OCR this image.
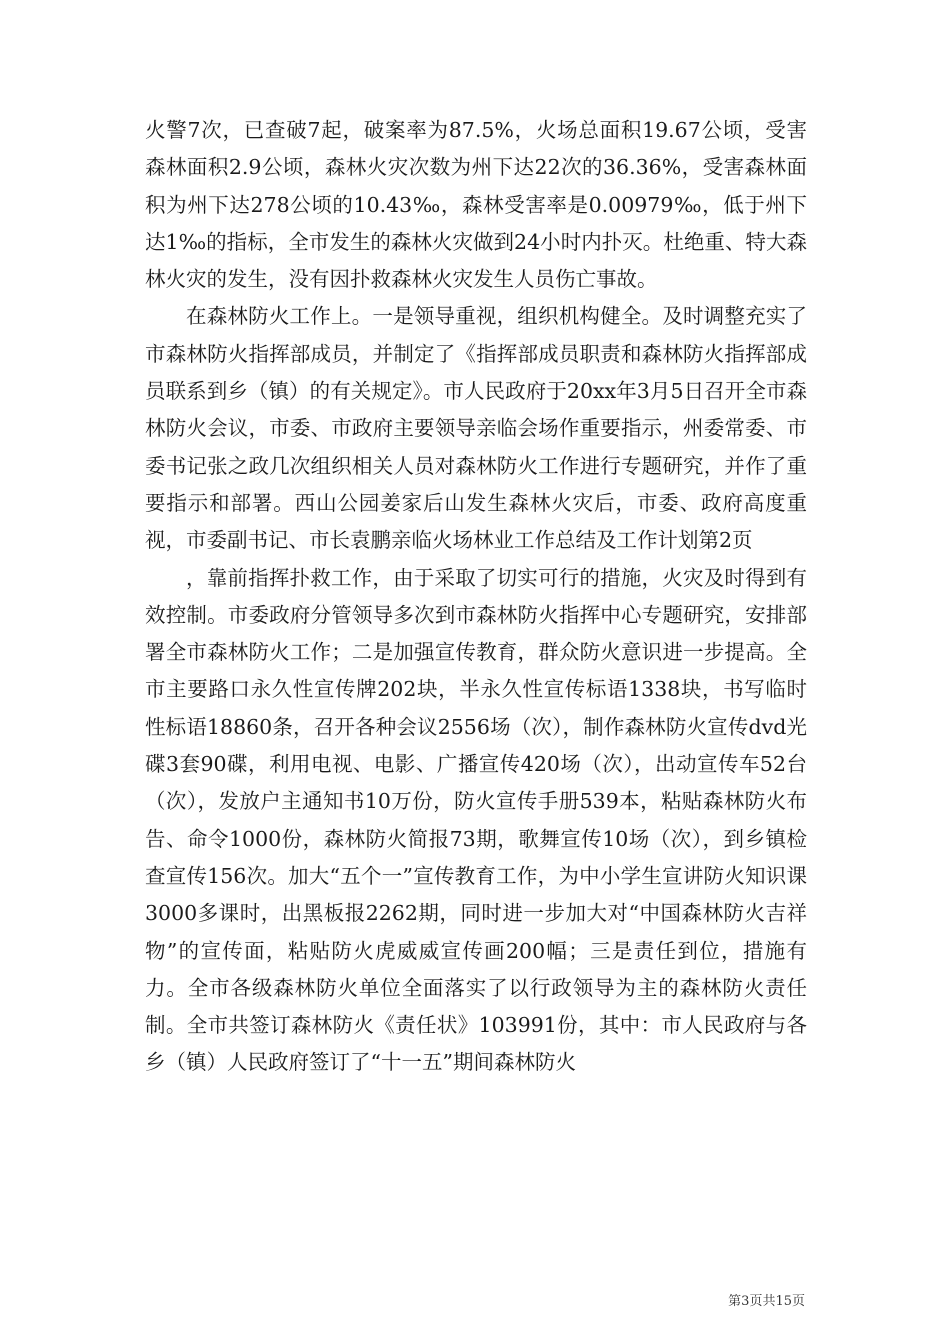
火警7次，已查破7起，破案率为87.5%，火场总面积19.67公顷，受害森林面积2.9公顷，森林火灾次数为州下达22次的36.36%，受害森林面积为州下达278公顷的10.43‰，森林受害率是0.00979‰，低于州下达1‰的指标，全市发生的森林火灾做到24小时内扑灭。杜绝重、特大森林火灾的发生，没有因扑救森林火灾发生人员伤亡事故。

在森林防火工作上。一是领导重视，组织机构健全。及时调整充实了市森林防火指挥部成员，并制定了《指挥部成员职责和森林防火指挥部成员联系到乡（镇）的有关规定》。市人民政府于20xx年3月5日召开全市森林防火会议，市委、市政府主要领导亲临会场作重要指示，州委常委、市委书记张之政几次组织相关人员对森林防火工作进行专题研究，并作了重要指示和部署。西山公园姜家后山发生森林火灾后，市委、政府高度重视，市委副书记、市长袁鹏亲临火场林业工作总结及工作计划第2页

，靠前指挥扑救工作，由于采取了切实可行的措施，火灾及时得到有效控制。市委政府分管领导多次到市森林防火指挥中心专题研究，安排部署全市森林防火工作；二是加强宣传教育，群众防火意识进一步提高。全市主要路口永久性宣传牌202块，半永久性宣传标语1338块，书写临时性标语18860条，召开各种会议2556场（次），制作森林防火宣传dvd光碟3套90碟，利用电视、电影、广播宣传420场（次），出动宣传车52台（次），发放户主通知书10万份，防火宣传手册539本，粘贴森林防火布告、命令1000份，森林防火简报73期，歌舞宣传10场（次），到乡镇检查宣传156次。加大“五个一”宣传教育工作，为中小学生宣讲防火知识课3000多课时，出黑板报2262期，同时进一步加大对“中国森林防火吉祥物”的宣传面，粘贴防火虎威威宣传画200幅；三是责任到位，措施有力。全市各级森林防火单位全面落实了以行政领导为主的森林防火责任制。全市共签订森林防火《责任状》103991份，其中：市人民政府与各乡（镇）人民政府签订了“十一五”期间森林防火

第3页共15页
